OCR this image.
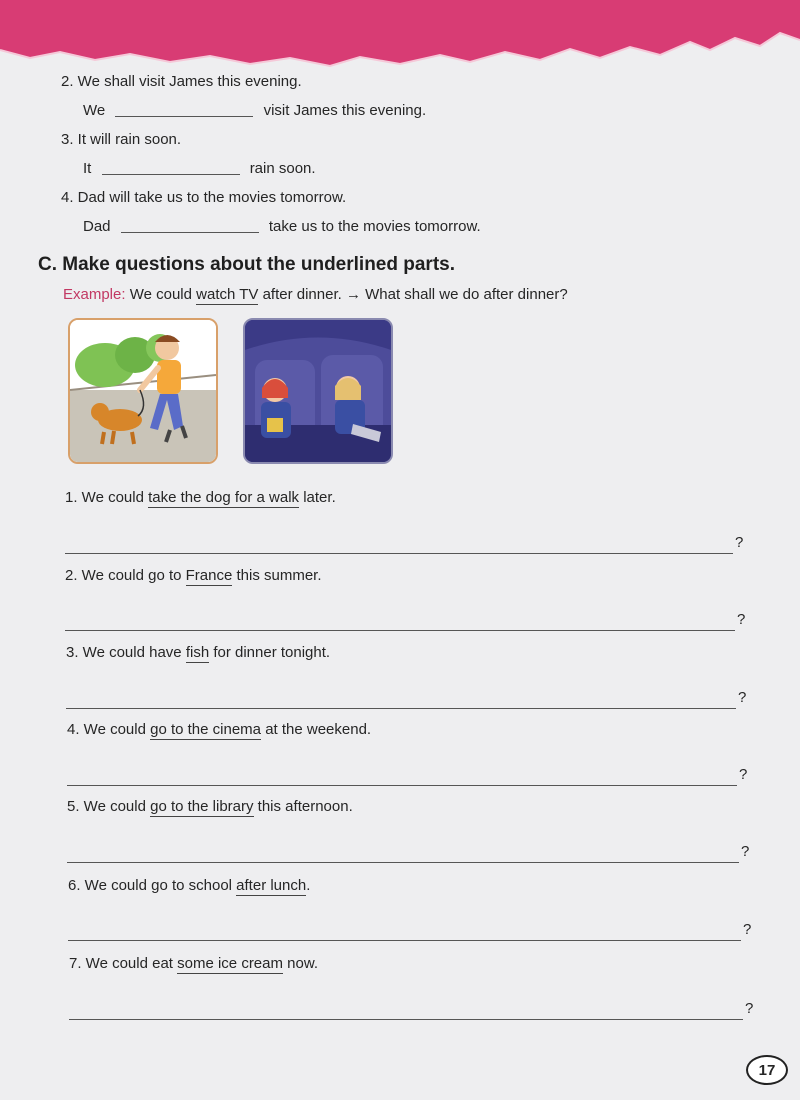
2. We shall visit James this evening.
We	visit James this evening.
3. It will rain soon.
It	rain soon.
4. Dad will take us to the movies tomorrow.
Dad	take us to the movies tomorrow.
C. Make questions about the underlined parts.
Example: We could watch TV after dinner. → What shall we do after dinner?
1. We could take the dog for a walk later.
?
2. We could go to France this summer.
?
3. We could have fish for dinner tonight.
?
4. We could go to the cinema at the weekend.
?
5. We could go to the library this afternoon.
?
6. We could go to school after lunch.
?
7. We could eat some ice cream now.
?
17
